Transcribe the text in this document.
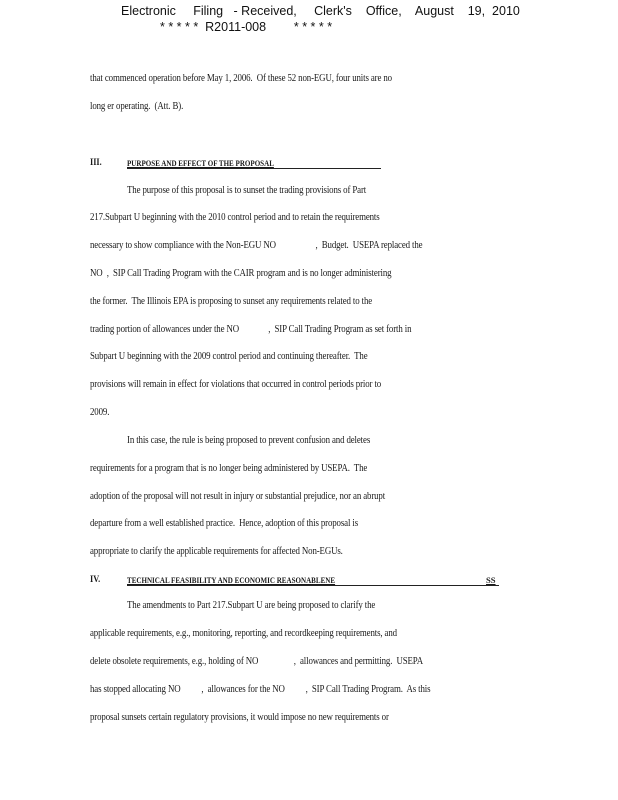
Electronic     Filing   - Received,     Clerk's    Office,    August    19,  2010
* * * * *  R2011-008        * * * * *
that commenced operation before May 1, 2006.  Of these 52 non-EGU, four units are no
long er operating.  (Att. B).
III.	PURPOSE AND EFFECT OF THE PROPOSAL
The purpose of this proposal is to sunset the trading provisions of Part
217.Subpart U beginning with the 2010 control period and to retain the requirements
necessary to show compliance with the Non-EGU NO                   ,  Budget.  USEPA replaced the
NO  ,  SIP Call Trading Program with the CAIR program and is no longer administering
the former.  The Illinois EPA is proposing to sunset any requirements related to the
trading portion of allowances under the NO              ,  SIP Call Trading Program as set forth in
Subpart U beginning with the 2009 control period and continuing thereafter.  The
provisions will remain in effect for violations that occurred in control periods prior to
2009.
In this case, the rule is being proposed to prevent confusion and deletes
requirements for a program that is no longer being administered by USEPA.  The
adoption of the proposal will not result in injury or substantial prejudice, nor an abrupt
departure from a well established practice.  Hence, adoption of this proposal is
appropriate to clarify the applicable requirements for affected Non-EGUs.
IV.	TECHNICAL FEASIBILITY AND ECONOMIC REASONABLENE	SS
The amendments to Part 217.Subpart U are being proposed to clarify the
applicable requirements, e.g., monitoring, reporting, and recordkeeping requirements, and
delete obsolete requirements, e.g., holding of NO                 ,  allowances and permitting.  USEPA
has stopped allocating NO          ,  allowances for the NO          ,  SIP Call Trading Program.  As this
proposal sunsets certain regulatory provisions, it would impose no new requirements or
